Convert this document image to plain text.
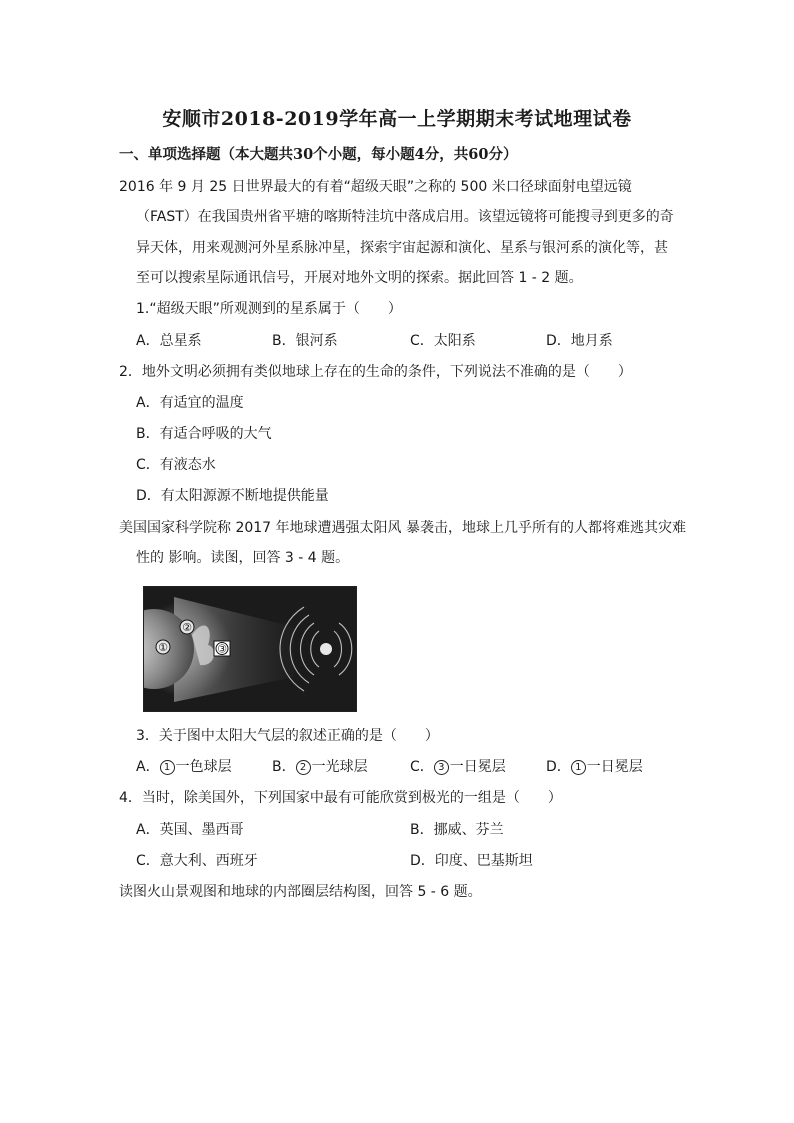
安顺市2018-2019学年高一上学期期末考试地理试卷
一、单项选择题（本大题共30个小题，每小题4分，共60分）
2016 年 9 月 25 日世界最大的有着“超级天眼”之称的 500 米口径球面射电望远镜
（FAST）在我国贵州省平塘的喀斯特洼坑中落成启用。该望远镜将可能搜寻到更多的奇
异天体，用来观测河外星系脉冲星，探索宇宙起源和演化、星系与银河系的演化等，甚
至可以搜索星际通讯信号，开展对地外文明的探索。据此回答 1 - 2 题。
1.“超级天眼”所观测到的星系属于（　　）
A．总星系	B．银河系	C．太阳系	D．地月系
2．地外文明必须拥有类似地球上存在的生命的条件，下列说法不准确的是（　　）
A．有适宜的温度
B．有适合呼吸的大气
C．有液态水
D．有太阳源源不断地提供能量
美国国家科学院称 2017 年地球遭遇强太阳风 暴袭击，地球上几乎所有的人都将难逃其灾难
性的 影响。读图，回答 3 - 4 题。
①
②
③
3．关于图中太阳大气层的叙述正确的是（　　）
A． 1 一色球层	B． 2 一光球层	C． 3 一日冕层	D． 1 一日冕层
4．当时，除美国外，下列国家中最有可能欣赏到极光的一组是（　　）
A．英国、墨西哥	B．挪威、芬兰
C．意大利、西班牙	D．印度、巴基斯坦
读图火山景观图和地球的内部圈层结构图，回答 5 - 6 题。
